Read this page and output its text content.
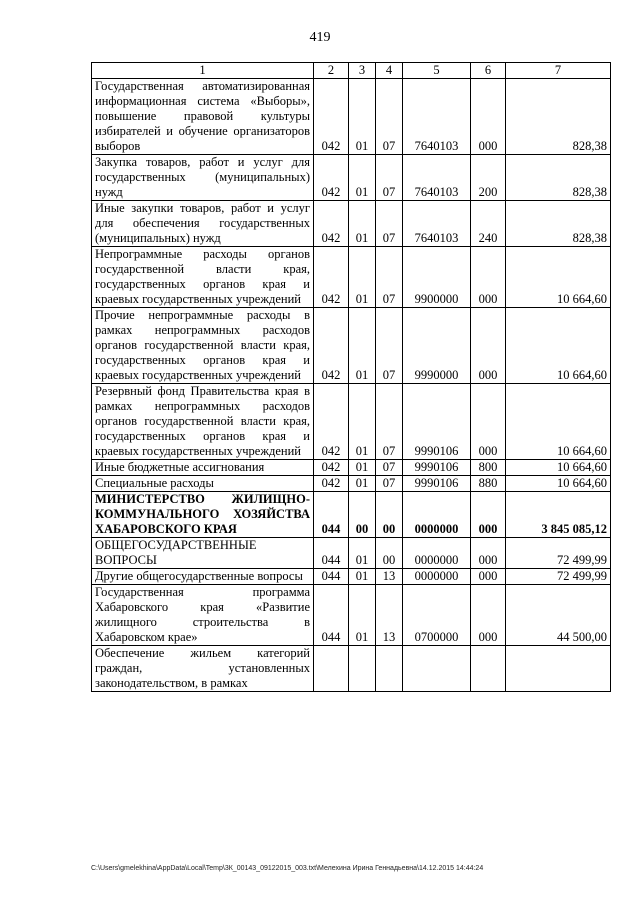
419
1	2	3	4	5	6	7
Государственная автоматизированная информационная система «Выборы», повышение правовой культуры избирателей и обучение организаторов выборов	042	01	07	7640103	000	828,38
Закупка товаров, работ и услуг для государственных (муниципальных) нужд	042	01	07	7640103	200	828,38
Иные закупки товаров, работ и услуг для обеспечения государственных (муниципальных) нужд	042	01	07	7640103	240	828,38
Непрограммные расходы органов государственной власти края, государственных органов края и краевых государственных учреждений	042	01	07	9900000	000	10 664,60
Прочие непрограммные расходы в рамках непрограммных расходов органов государственной власти края, государственных органов края и краевых государственных учреждений	042	01	07	9990000	000	10 664,60
Резервный фонд Правительства края в рамках непрограммных расходов органов государственной власти края, государственных органов края и краевых государственных учреждений	042	01	07	9990106	000	10 664,60
Иные бюджетные ассигнования	042	01	07	9990106	800	10 664,60
Специальные расходы	042	01	07	9990106	880	10 664,60
МИНИСТЕРСТВО ЖИЛИЩНО-КОММУНАЛЬНОГО ХОЗЯЙСТВА ХАБАРОВСКОГО КРАЯ	044	00	00	0000000	000	3 845 085,12
ОБЩЕГОСУДАРСТВЕННЫЕ ВОПРОСЫ	044	01	00	0000000	000	72 499,99
Другие общегосударственные вопросы	044	01	13	0000000	000	72 499,99
Государственная программа Хабаровского края «Развитие жилищного строительства в Хабаровском крае»	044	01	13	0700000	000	44 500,00
Обеспечение жильем категорий граждан, установленных законодательством, в рамках						
C:\Users\gmelekhina\AppData\Local\Temp\3К_00143_09122015_003.txt\Мелехина Ирина Геннадьевна\14.12.2015 14:44:24
